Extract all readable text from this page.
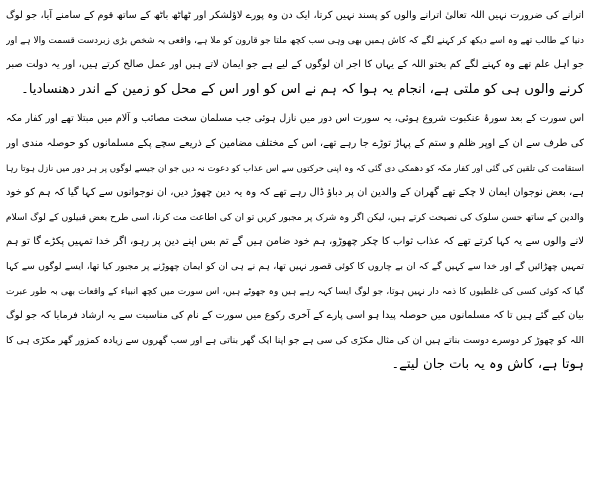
اترانے کی ضرورت نہیں اللہ تعالیٰ اترانے والوں کو پسند نہیں کرتا، ایک دن وہ پورے لاؤلشکر اور ٹھاٹھ باٹھ کے ساتھ قوم کے سامنے آیا، جو لوگ
دنیا کے طالب تھے وہ اسے دیکھ کر کہنے لگے کہ کاش ہمیں بھی وہی سب کچھ ملتا جو قارون کو ملا ہے، واقعی یہ شخص بڑی زبردست قسمت والا ہے اور
جو اہل علم تھے وہ کہنے لگے کم بختو اللہ کے یہاں کا اجر ان لوگوں کے لیے ہے جو ایمان لاتے ہیں اور عمل صالح کرتے ہیں، اور یہ دولت صبر
کرنے والوں ہی کو ملتی ہے، انجام یہ ہوا کہ ہم نے اس کو اور اس کے محل کو زمین کے اندر دھنسادیا۔

اس سورت کے بعد سورۂ عنکبوت شروع ہوئی، یہ سورت اس دور میں نازل ہوئی جب مسلمان سخت مصائب و آلام میں مبتلا تھے اور کفار مکہ
کی طرف سے ان کے اوپر ظلم و ستم کے پہاڑ توڑے جا رہے تھے، اس کے مختلف مضامین کے ذریعے سچے پکے مسلمانوں کو حوصلہ مندی اور
استقامت کی تلقین کی گئی اور کفار مکہ کو دھمکی دی گئی کہ وہ اپنی حرکتوں سے اس عذاب کو دعوت نہ دیں جو ان جیسے لوگوں پر ہر دور میں نازل ہوتا رہا
ہے، بعض نوجوان ایمان لا چکے تھے گھران کے والدین ان پر دباؤ ڈال رہے تھے کہ وہ یہ دین چھوڑ دیں، ان نوجوانوں سے کہا گیا کہ ہم کو خود
والدین کے ساتھ حسن سلوک کی نصیحت کرتے ہیں، لیکن اگر وہ شرک پر مجبور کریں تو ان کی اطاعت مت کرنا، اسی طرح بعض قبیلوں کے لوگ اسلام
لانے والوں سے یہ کہا کرتے تھے کہ عذاب ثواب کا چکر چھوڑو، ہم خود ضامن ہیں گے تم بس اپنے دین پر رہو، اگر خدا تمہیں پکڑے گا تو ہم
تمہیں چھڑائیں گے اور خدا سے کہیں گے کہ ان بے چاروں کا کوئی قصور نہیں تھا، ہم نے ہی ان کو ایمان چھوڑنے پر مجبور کیا تھا، ایسے لوگوں سے کہا
گیا کہ کوئی کسی کی غلطیوں کا ذمہ دار نہیں ہوتا، جو لوگ ایسا کہہ رہے ہیں وہ جھوٹے ہیں، اس سورت میں کچھ انبیاء کے واقعات بھی بہ طور عبرت
بیان کیے گئے ہیں تا کہ مسلمانوں میں حوصلہ پیدا ہو اسی پارے کے آخری رکوع میں سورت کے نام کی مناسبت سے یہ ارشاد فرمایا کہ جو لوگ
اللہ کو چھوڑ کر دوسرے دوست بناتے ہیں ان کی مثال مکڑی کی سی ہے جو اپنا ایک گھر بناتی ہے اور سب گھروں سے زیادہ کمزور گھر مکڑی ہی کا
ہوتا ہے، کاش وہ یہ بات جان لیتے۔
